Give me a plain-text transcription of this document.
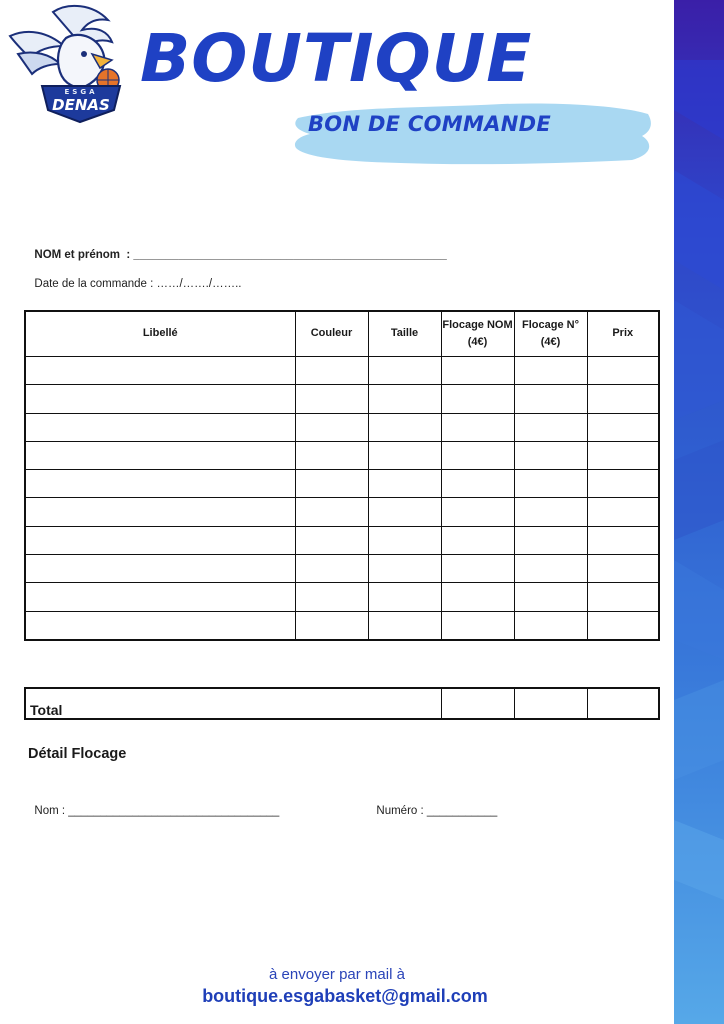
ESGA
DENAS
BOUTIQUE
BON DE COMMANDE

NOM et prénom  : _________________________________________________

Date de la commande : ……/……./……..

Libellé	Couleur	Taille	Flocage NOM (4€)	Flocage N° (4€)	Prix

Total			
Détail Flocage

Nom : _________________________________	Numéro : ___________

à envoyer par mail à
boutique.esgabasket@gmail.com
